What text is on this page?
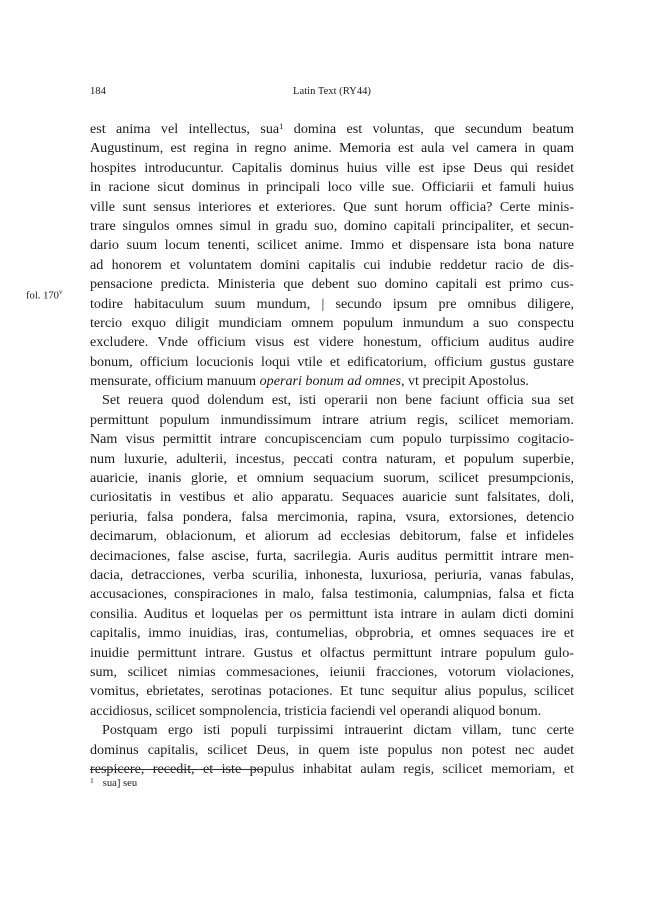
184	Latin Text (RY44)
fol. 170$^v$
est anima vel intellectus, sua$^1$ domina est voluntas, que secundum beatum
Augustinum, est regina in regno anime. Memoria est aula vel camera in quam
hospites introducuntur. Capitalis dominus huius ville est ipse Deus qui residet
in racione sicut dominus in principali loco ville sue. Officiarii et famuli huius
ville sunt sensus interiores et exteriores. Que sunt horum officia? Certe minis-
trare singulos omnes simul in gradu suo, domino capitali principaliter, et secun-
dario suum locum tenenti, scilicet anime. Immo et dispensare ista bona nature
ad honorem et voluntatem domini capitalis cui indubie reddetur racio de dis-
pensacione predicta. Ministeria que debent suo domino capitali est primo cus-
todire habitaculum suum mundum, | secundo ipsum pre omnibus diligere,
tercio exquo diligit mundiciam omnem populum inmundum a suo conspectu
excludere. Vnde officium visus est videre honestum, officium auditus audire
bonum, officium locucionis loqui vtile et edificatorium, officium gustus gustare
mensurate, officium manuum operari bonum ad omnes, vt precipit Apostolus.
Set reuera quod dolendum est, isti operarii non bene faciunt officia sua set
permittunt populum inmundissimum intrare atrium regis, scilicet memoriam.
Nam visus permittit intrare concupiscenciam cum populo turpissimo cogitacio-
num luxurie, adulterii, incestus, peccati contra naturam, et populum superbie,
auaricie, inanis glorie, et omnium sequacium suorum, scilicet presumpcionis,
curiositatis in vestibus et alio apparatu. Sequaces auaricie sunt falsitates, doli,
periuria, falsa pondera, falsa mercimonia, rapina, vsura, extorsiones, detencio
decimarum, oblacionum, et aliorum ad ecclesias debitorum, false et infideles
decimaciones, false ascise, furta, sacrilegia. Auris auditus permittit intrare men-
dacia, detracciones, verba scurilia, inhonesta, luxuriosa, periuria, vanas fabulas,
accusaciones, conspiraciones in malo, falsa testimonia, calumpnias, falsa et ficta
consilia. Auditus et loquelas per os permittunt ista intrare in aulam dicti domini
capitalis, immo inuidias, iras, contumelias, obprobria, et omnes sequaces ire et
inuidie permittunt intrare. Gustus et olfactus permittunt intrare populum gulo-
sum, scilicet nimias commesaciones, ieiunii fracciones, votorum violaciones,
vomitus, ebrietates, serotinas potaciones. Et tunc sequitur alius populus, scilicet
accidiosus, scilicet sompnolencia, tristicia faciendi vel operandi aliquod bonum.
Postquam ergo isti populi turpissimi intrauerint dictam villam, tunc certe
dominus capitalis, scilicet Deus, in quem iste populus non potest nec audet
respicere, recedit, et iste populus inhabitat aulam regis, scilicet memoriam, et
$^1$ sua] seu
